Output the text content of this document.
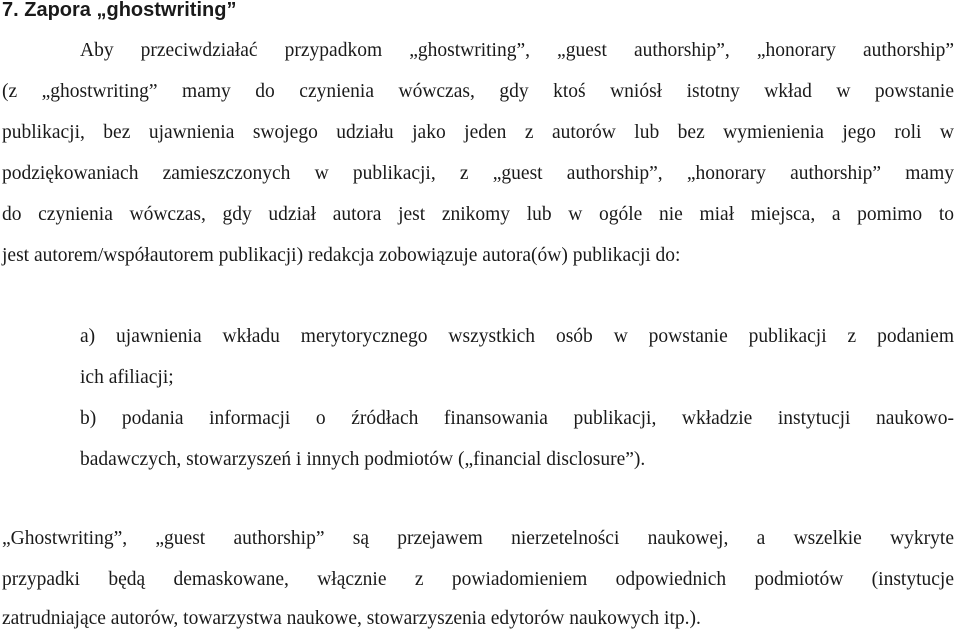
7. Zapora „ghostwriting”
Aby przeciwdziałać przypadkom „ghostwriting”, „guest authorship”, „honorary authorship”
(z „ghostwriting” mamy do czynienia wówczas, gdy ktoś wniósł istotny wkład w powstanie
publikacji, bez ujawnienia swojego udziału jako jeden z autorów lub bez wymienienia jego roli w
podziękowaniach zamieszczonych w publikacji, z „guest authorship”, „honorary authorship” mamy
do czynienia wówczas, gdy udział autora jest znikomy lub w ogóle nie miał miejsca, a pomimo to
jest autorem/współautorem publikacji) redakcja zobowiązuje autora(ów) publikacji do:
a) ujawnienia wkładu merytorycznego wszystkich osób w powstanie publikacji z podaniem
ich afiliacji;
b) podania informacji o źródłach finansowania publikacji, wkładzie instytucji naukowo-
badawczych, stowarzyszeń i innych podmiotów („financial disclosure”).
„Ghostwriting”, „guest authorship” są przejawem nierzetelności naukowej, a wszelkie wykryte
przypadki będą demaskowane, włącznie z powiadomieniem odpowiednich podmiotów (instytucje
zatrudniające autorów, towarzystwa naukowe, stowarzyszenia edytorów naukowych itp.).
